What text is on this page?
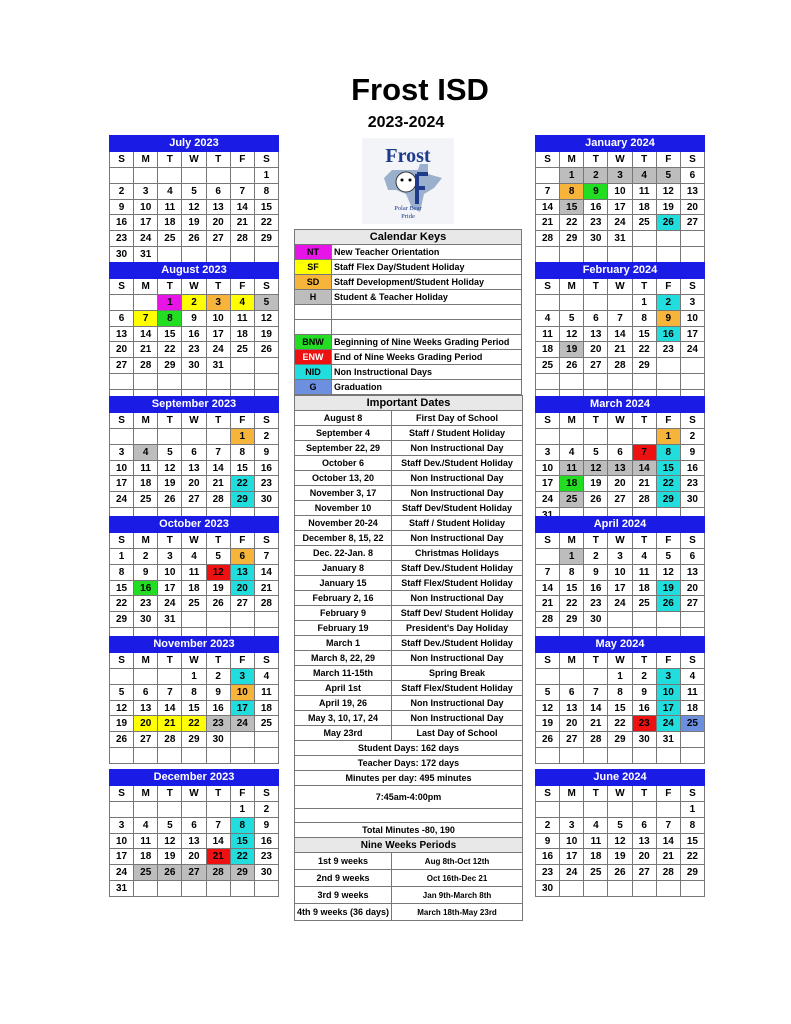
Frost ISD
2023-2024
Frost
Polar Bear
Pride
July 2023						
S	M	T	W	T	F	S
						1
2	3	4	5	6	7	8
9	10	11	12	13	14	15
16	17	18	19	20	21	22
23	24	25	26	27	28	29
30	31					
August 2023						
S	M	T	W	T	F	S
		1	2	3	4	5
6	7	8	9	10	11	12
13	14	15	16	17	18	19
20	21	22	23	24	25	26
27	28	29	30	31		

September 2023						
S	M	T	W	T	F	S
					1	2
3	4	5	6	7	8	9
10	11	12	13	14	15	16
17	18	19	20	21	22	23
24	25	26	27	28	29	30

October 2023						
S	M	T	W	T	F	S
1	2	3	4	5	6	7
8	9	10	11	12	13	14
15	16	17	18	19	20	21
22	23	24	25	26	27	28
29	30	31				

November 2023						
S	M	T	W	T	F	S
			1	2	3	4
5	6	7	8	9	10	11
12	13	14	15	16	17	18
19	20	21	22	23	24	25
26	27	28	29	30		

December 2023						
S	M	T	W	T	F	S
					1	2
3	4	5	6	7	8	9
10	11	12	13	14	15	16
17	18	19	20	21	22	23
24	25	26	27	28	29	30
31						
January 2024						
S	M	T	W	T	F	S
	1	2	3	4	5	6
7	8	9	10	11	12	13
14	15	16	17	18	19	20
21	22	23	24	25	26	27
28	29	30	31			

February 2024						
S	M	T	W	T	F	S
				1	2	3
4	5	6	7	8	9	10
11	12	13	14	15	16	17
18	19	20	21	22	23	24
25	26	27	28	29		

March 2024						
S	M	T	W	T	F	S
					1	2
3	4	5	6	7	8	9
10	11	12	13	14	15	16
17	18	19	20	21	22	23
24	25	26	27	28	29	30

April 2024						
S	M	T	W	T	F	S
	1	2	3	4	5	6
7	8	9	10	11	12	13
14	15	16	17	18	19	20
21	22	23	24	25	26	27
28	29	30				

May 2024						
S	M	T	W	T	F	S
			1	2	3	4
5	6	7	8	9	10	11
12	13	14	15	16	17	18
19	20	21	22	23	24	25
26	27	28	29	30	31	

June 2024						
S	M	T	W	T	F	S
						1
2	3	4	5	6	7	8
9	10	11	12	13	14	15
16	17	18	19	20	21	22
23	24	25	26	27	28	29
30						
Calendar Keys	
NT	New Teacher Orientation
SF	Staff Flex Day/Student Holiday
SD	Staff Development/Student Holiday
H	Student & Teacher Holiday

BNW	Beginning of Nine Weeks Grading Period
ENW	End of Nine Weeks Grading Period
NID	Non Instructional Days
G	Graduation
Important Dates	
August 8	First Day of School
September 4	Staff / Student Holiday
September 22, 29	Non Instructional Day
October 6	Staff Dev./Student Holiday
October 13, 20	Non Instructional Day
November 3, 17	Non Instructional Day
November 10	Staff Dev/Student Holiday
November 20-24	Staff / Student Holiday
December 8, 15, 22	Non Instructional Day
Dec. 22-Jan. 8	Christmas Holidays
January 8	Staff Dev./Student Holiday
January 15	Staff Flex/Student Holiday
February 2, 16	Non Instructional Day
February 9	Staff Dev/ Student Holiday
February 19	President's Day Holiday
March 1	Staff Dev./Student Holiday
March 8, 22, 29	Non Instructional Day
March 11-15th	Spring Break
April 1st	Staff Flex/Student Holiday
April 19, 26	Non Instructional Day
May 3, 10, 17, 24	Non Instructional Day
May 23rd	Last Day of School
Student Days: 162 days	
Teacher Days: 172 days	
Minutes per day: 495 minutes	
7:45am-4:00pm	

Total Minutes -80, 190	
Nine Weeks Periods	
1st 9 weeks	Aug 8th-Oct 12th
2nd 9 weeks	Oct 16th-Dec 21
3rd 9 weeks	Jan 9th-March 8th
4th 9 weeks (36 days)	March 18th-May 23rd
